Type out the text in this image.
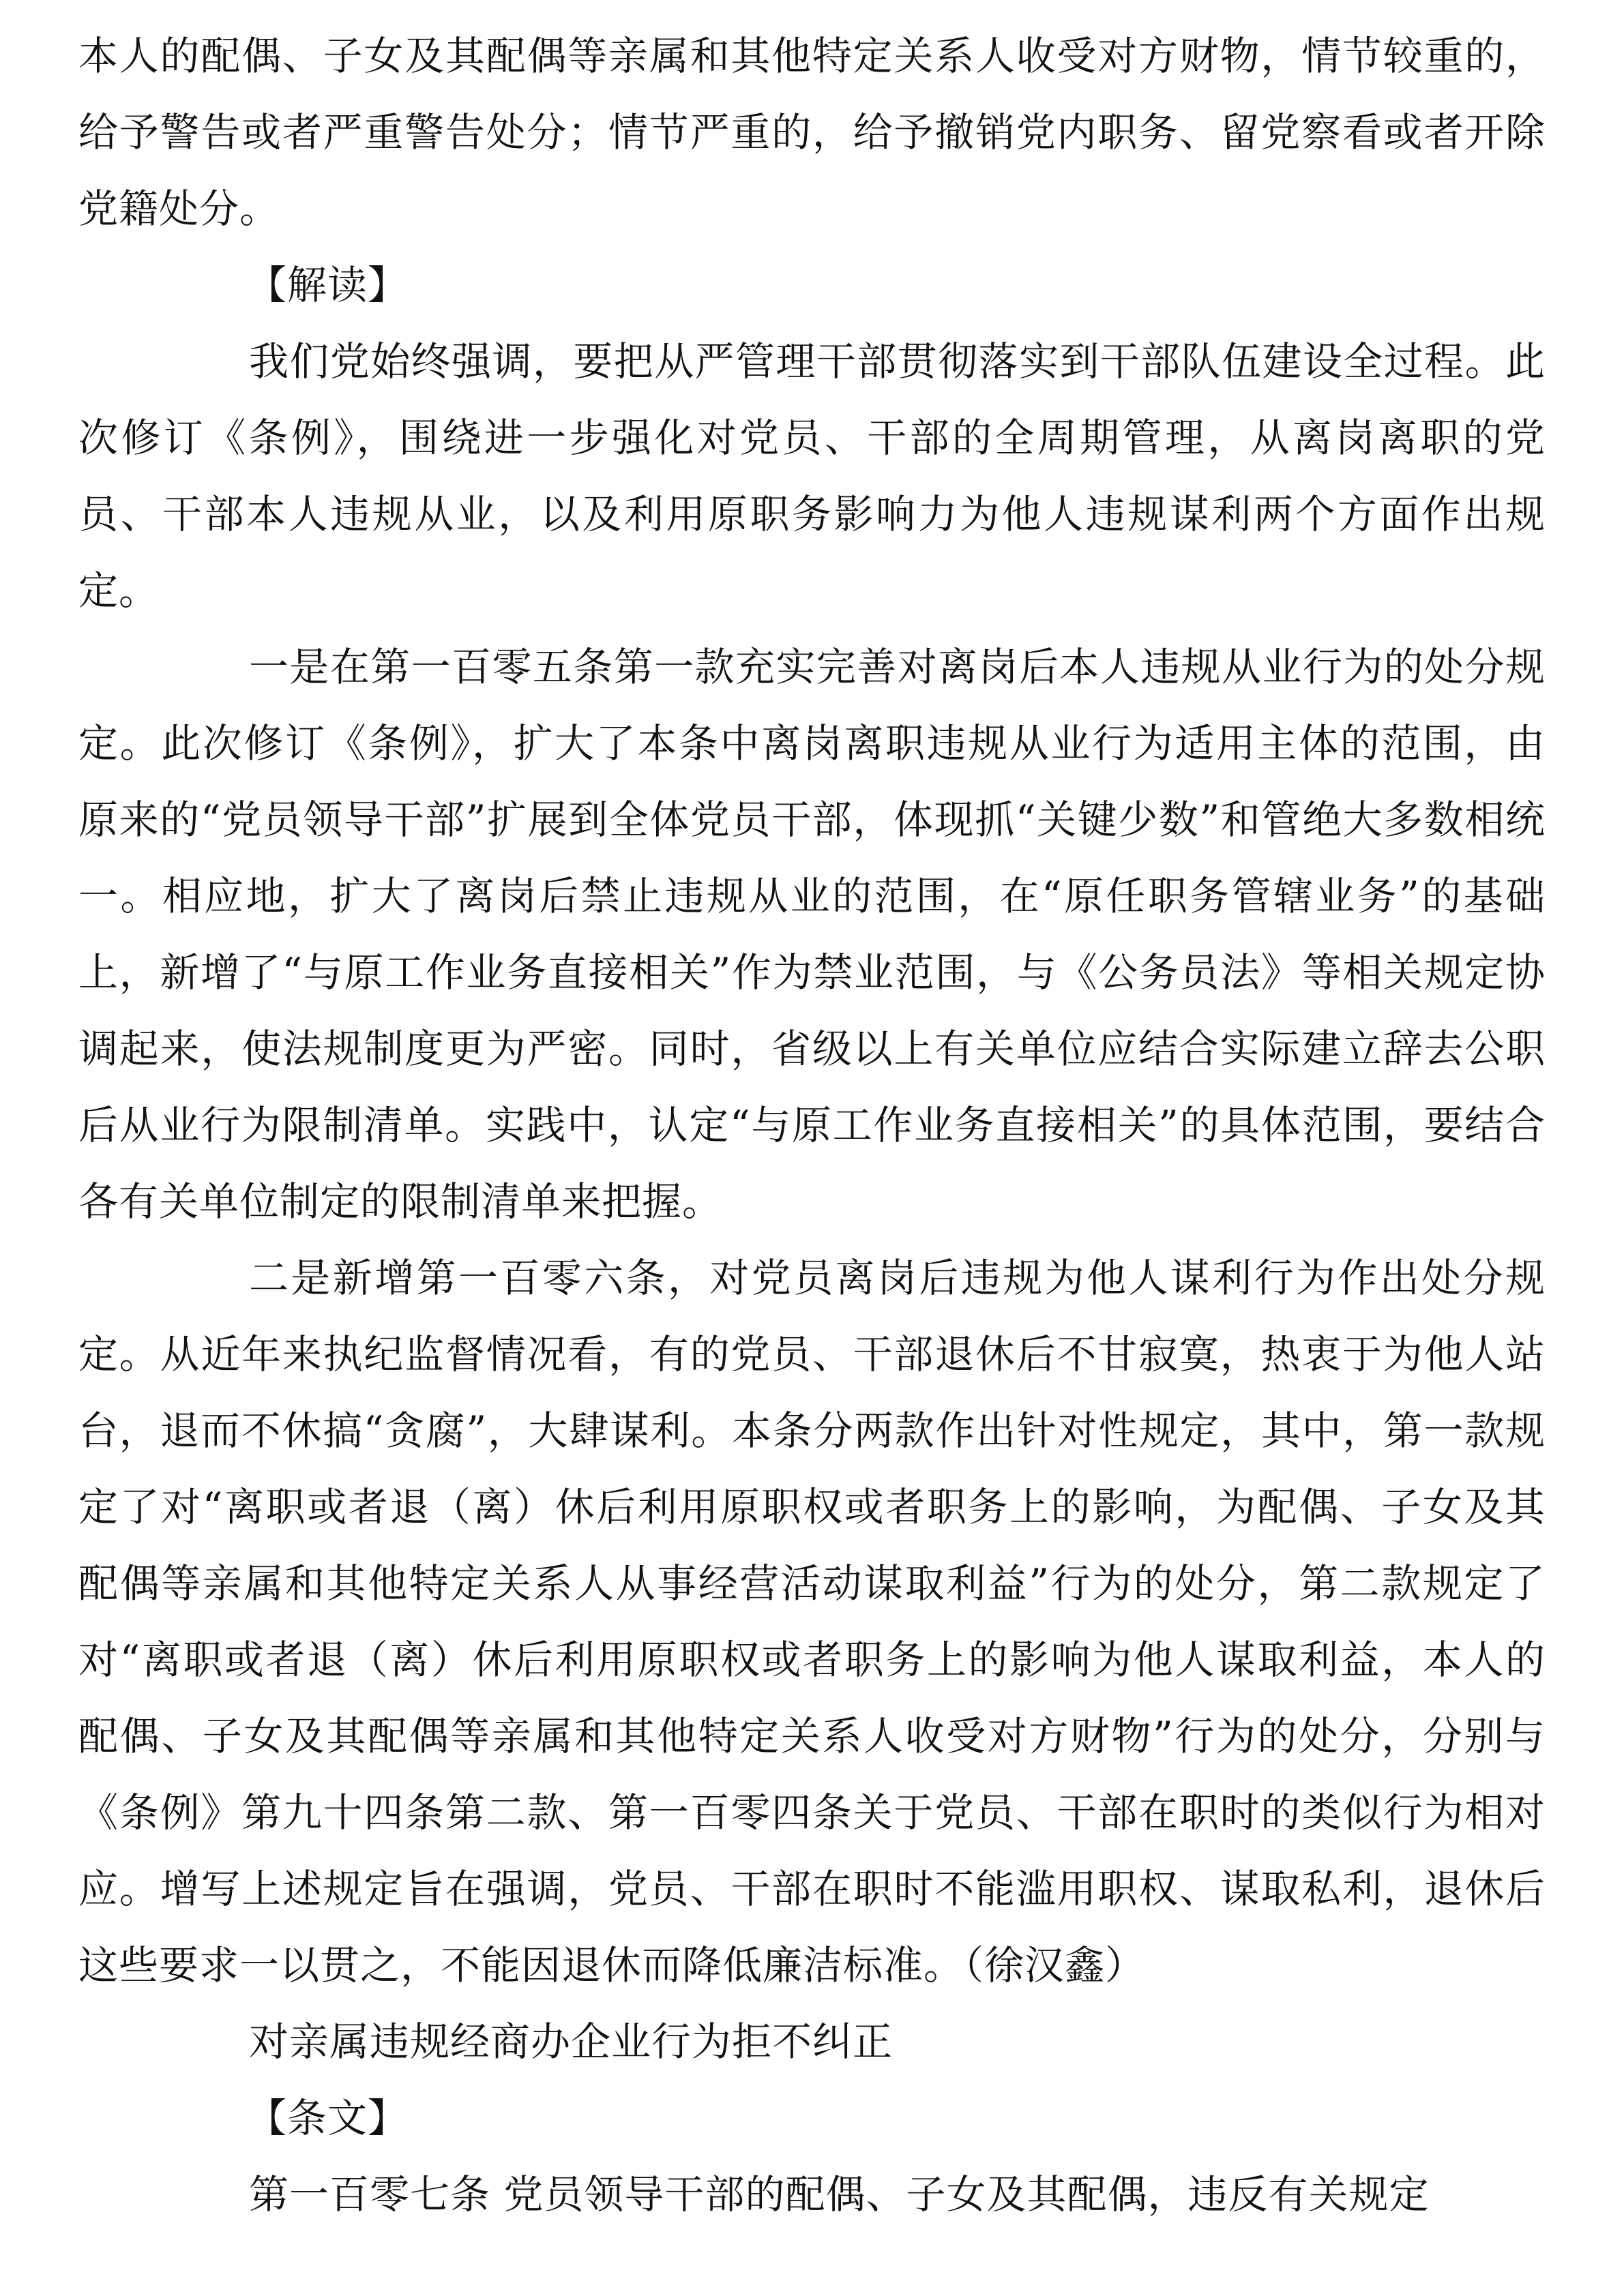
本人的配偶、子女及其配偶等亲属和其他特定关系人收受对方财物，情节较重的，给予警告或者严重警告处分；情节严重的，给予撤销党内职务、留党察看或者开除党籍处分。

【解读】

我们党始终强调，要把从严管理干部贯彻落实到干部队伍建设全过程。此次修订《条例》，围绕进一步强化对党员、干部的全周期管理，从离岗离职的党员、干部本人违规从业，以及利用原职务影响力为他人违规谋利两个方面作出规定。

一是在第一百零五条第一款充实完善对离岗后本人违规从业行为的处分规定。此次修订《条例》，扩大了本条中离岗离职违规从业行为适用主体的范围，由原来的“党员领导干部”扩展到全体党员干部，体现抓“关键少数”和管绝大多数相统一。相应地，扩大了离岗后禁止违规从业的范围，在“原任职务管辖业务”的基础上，新增了“与原工作业务直接相关”作为禁业范围，与《公务员法》等相关规定协调起来，使法规制度更为严密。同时，省级以上有关单位应结合实际建立辞去公职后从业行为限制清单。实践中，认定“与原工作业务直接相关”的具体范围，要结合各有关单位制定的限制清单来把握。

二是新增第一百零六条，对党员离岗后违规为他人谋利行为作出处分规定。从近年来执纪监督情况看，有的党员、干部退休后不甘寂寞，热衷于为他人站台，退而不休搞“贪腐”，大肆谋利。本条分两款作出针对性规定，其中，第一款规定了对“离职或者退（离）休后利用原职权或者职务上的影响，为配偶、子女及其配偶等亲属和其他特定关系人从事经营活动谋取利益”行为的处分，第二款规定了对“离职或者退（离）休后利用原职权或者职务上的影响为他人谋取利益，本人的配偶、子女及其配偶等亲属和其他特定关系人收受对方财物”行为的处分，分别与《条例》第九十四条第二款、第一百零四条关于党员、干部在职时的类似行为相对应。增写上述规定旨在强调，党员、干部在职时不能滥用职权、谋取私利，退休后这些要求一以贯之，不能因退休而降低廉洁标准。（徐汉鑫）

对亲属违规经商办企业行为拒不纠正

【条文】

第一百零七条 党员领导干部的配偶、子女及其配偶，违反有关规定
